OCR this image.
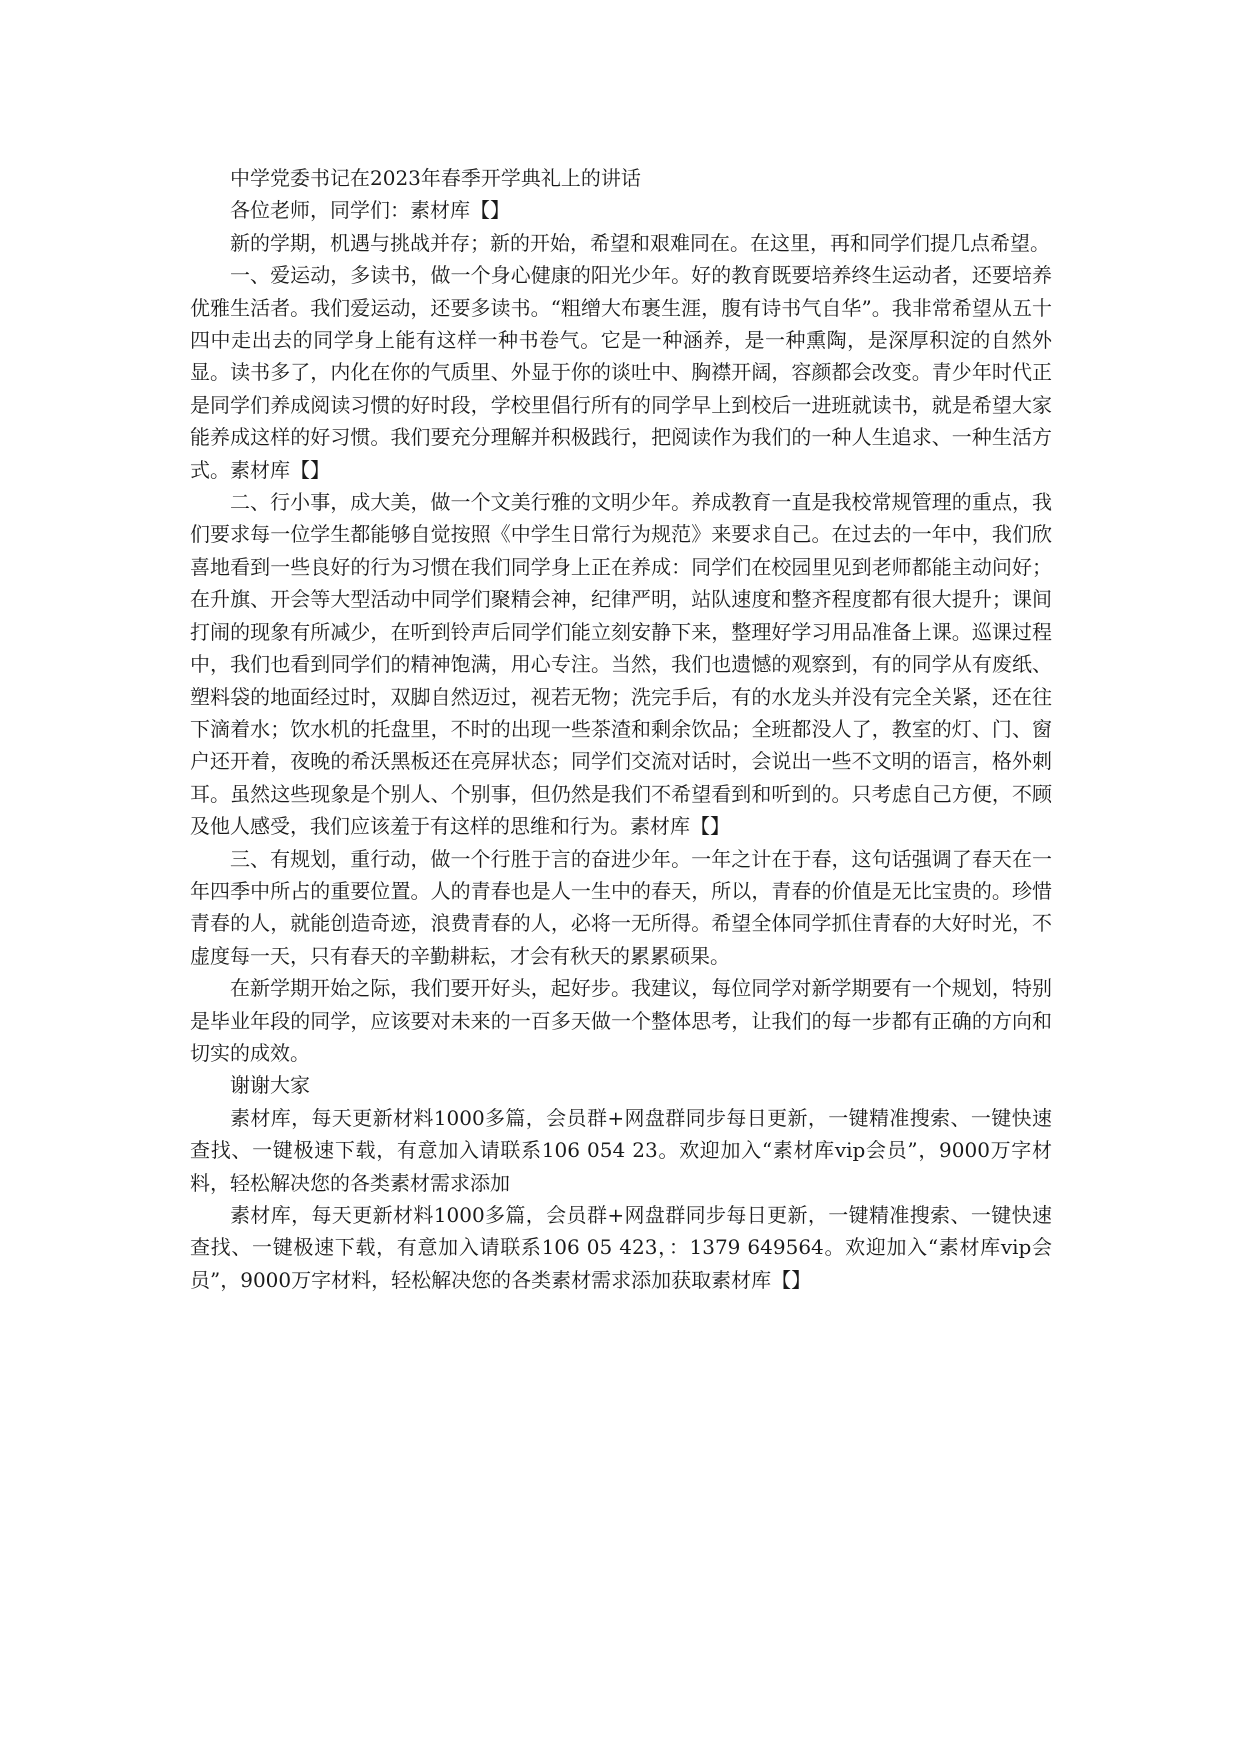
中学党委书记在2023年春季开学典礼上的讲话

各位老师，同学们：素材库【】

新的学期，机遇与挑战并存；新的开始，希望和艰难同在。在这里，再和同学们提几点希望。

一、爱运动，多读书，做一个身心健康的阳光少年。好的教育既要培养终生运动者，还要培养优雅生活者。我们爱运动，还要多读书。“粗缯大布裹生涯，腹有诗书气自华”。我非常希望从五十四中走出去的同学身上能有这样一种书卷气。它是一种涵养，是一种熏陶，是深厚积淀的自然外显。读书多了，内化在你的气质里、外显于你的谈吐中、胸襟开阔，容颜都会改变。青少年时代正是同学们养成阅读习惯的好时段，学校里倡行所有的同学早上到校后一进班就读书，就是希望大家能养成这样的好习惯。我们要充分理解并积极践行，把阅读作为我们的一种人生追求、一种生活方式。素材库【】

二、行小事，成大美，做一个文美行雅的文明少年。养成教育一直是我校常规管理的重点，我们要求每一位学生都能够自觉按照《中学生日常行为规范》来要求自己。在过去的一年中，我们欣喜地看到一些良好的行为习惯在我们同学身上正在养成：同学们在校园里见到老师都能主动问好；在升旗、开会等大型活动中同学们聚精会神，纪律严明，站队速度和整齐程度都有很大提升；课间打闹的现象有所减少，在听到铃声后同学们能立刻安静下来，整理好学习用品准备上课。巡课过程中，我们也看到同学们的精神饱满，用心专注。当然，我们也遗憾的观察到，有的同学从有废纸、塑料袋的地面经过时，双脚自然迈过，视若无物；洗完手后，有的水龙头并没有完全关紧，还在往下滴着水；饮水机的托盘里，不时的出现一些茶渣和剩余饮品；全班都没人了，教室的灯、门、窗户还开着，夜晚的希沃黑板还在亮屏状态；同学们交流对话时，会说出一些不文明的语言，格外刺耳。虽然这些现象是个别人、个别事，但仍然是我们不希望看到和听到的。只考虑自己方便，不顾及他人感受，我们应该羞于有这样的思维和行为。素材库【】

三、有规划，重行动，做一个行胜于言的奋进少年。一年之计在于春，这句话强调了春天在一年四季中所占的重要位置。人的青春也是人一生中的春天，所以，青春的价值是无比宝贵的。珍惜青春的人，就能创造奇迹，浪费青春的人，必将一无所得。希望全体同学抓住青春的大好时光，不虚度每一天，只有春天的辛勤耕耘，才会有秋天的累累硕果。

在新学期开始之际，我们要开好头，起好步。我建议，每位同学对新学期要有一个规划，特别是毕业年段的同学，应该要对未来的一百多天做一个整体思考，让我们的每一步都有正确的方向和切实的成效。

谢谢大家

素材库，每天更新材料1000多篇，会员群+网盘群同步每日更新，一键精准搜索、一键快速查找、一键极速下载，有意加入请联系106 054 23。欢迎加入“素材库vip会员”，9000万字材料，轻松解决您的各类素材需求添加

素材库，每天更新材料1000多篇，会员群+网盘群同步每日更新，一键精准搜索、一键快速查找、一键极速下载，有意加入请联系106 05 423，：1379 649564。欢迎加入“素材库vip会员”，9000万字材料，轻松解决您的各类素材需求添加获取素材库【】
